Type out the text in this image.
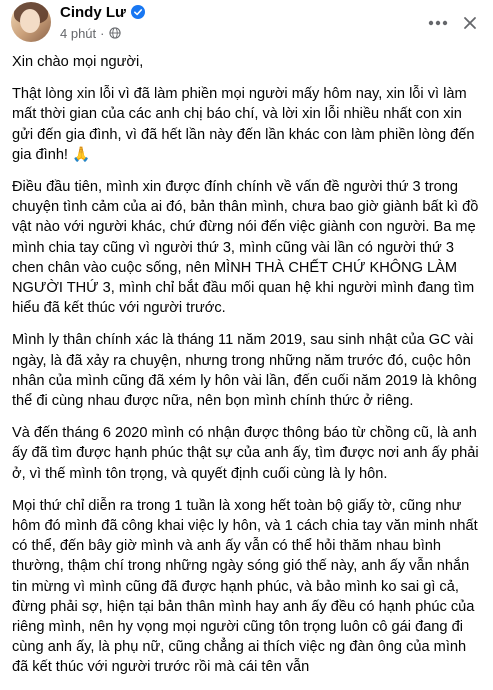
Cindy Lư
4 phút ·

Xin chào mọi người,

Thật lòng xin lỗi vì đã làm phiền mọi người mấy hôm nay, xin lỗi vì làm mất thời gian của các anh chị báo chí, và lời xin lỗi nhiều nhất con xin gửi đến gia đình, vì đã hết lần này đến lần khác con làm phiền lòng đến gia đình! 🙏

Điều đầu tiên, mình xin được đính chính về vấn đề người thứ 3 trong chuyện tình cảm của ai đó, bản thân mình, chưa bao giờ giành bất kì đồ vật nào với người khác, chứ đừng nói đến việc giành con người. Ba mẹ mình chia tay cũng vì người thứ 3, mình cũng vài lần có người thứ 3 chen chân vào cuộc sống, nên MÌNH THÀ CHẾT CHỨ KHÔNG LÀM NGƯỜI THỨ 3, mình chỉ bắt đầu mối quan hệ khi người mình đang tìm hiểu đã kết thúc với người trước.

Mình ly thân chính xác là tháng 11 năm 2019, sau sinh nhật của GC vài ngày, là đã xảy ra chuyện, nhưng trong những năm trước đó, cuộc hôn nhân của mình cũng đã xém ly hôn vài lần, đến cuối năm 2019 là không thể đi cùng nhau được nữa, nên bọn mình chính thức ở riêng.

Và đến tháng 6 2020 mình có nhận được thông báo từ chồng cũ, là anh ấy đã tìm được hạnh phúc thật sự của anh ấy, tìm được nơi anh ấy phải ở, vì thế mình tôn trọng, và quyết định cuối cùng là ly hôn.

Mọi thứ chỉ diễn ra trong 1 tuần là xong hết toàn bộ giấy tờ, cũng như hôm đó mình đã công khai việc ly hôn, và 1 cách chia tay văn minh nhất có thể, đến bây giờ mình và anh ấy vẫn có thể hỏi thăm nhau bình thường, thậm chí trong những ngày sóng gió thế này, anh ấy vẫn nhắn tin mừng vì mình cũng đã được hạnh phúc, và bảo mình ko sai gì cả, đừng phải sợ, hiện tại bản thân mình hay anh ấy đều có hạnh phúc của riêng mình, nên hy vọng mọi người cũng tôn trọng luôn cô gái đang đi cùng anh ấy, là phụ nữ, cũng chẳng ai thích việc ng đàn ông của mình đã kết thúc với người trước rồi mà cái tên vẫn
